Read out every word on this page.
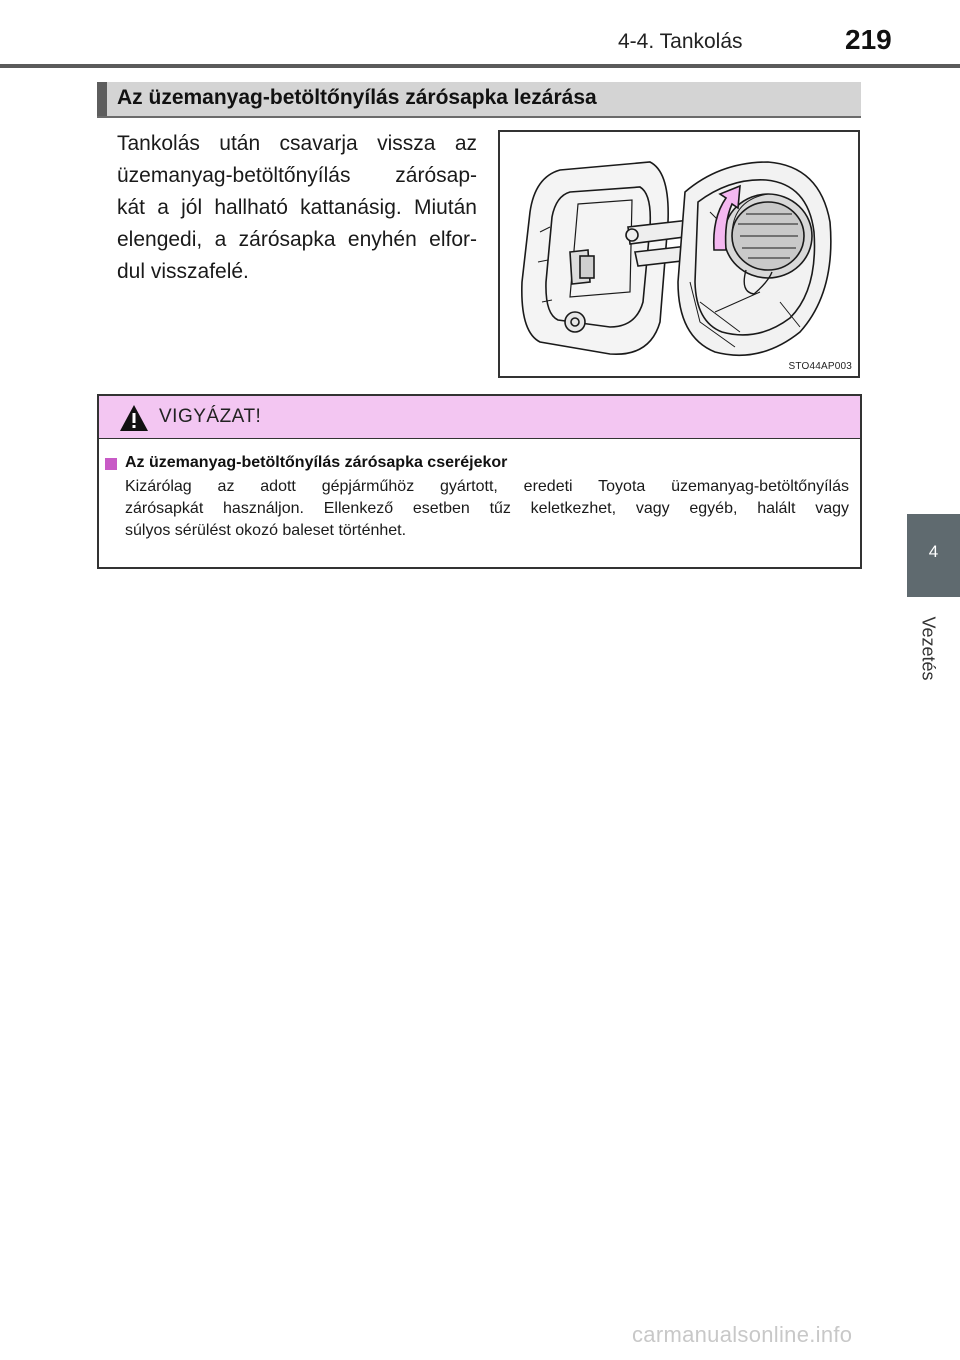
4-4. Tankolás	219
Az üzemanyag-betöltőnyílás zárósapka lezárása
Tankolás után csavarja vissza az
üzemanyag-betöltőnyílás zárósap-
kát a jól hallható kattanásig. Miután
elengedi, a zárósapka enyhén elfor-
dul visszafelé.
STO44AP003
VIGYÁZAT!
Az üzemanyag-betöltőnyílás zárósapka cseréjekor
Kizárólag az adott gépjárműhöz gyártott, eredeti Toyota üzemanyag-betöltőnyílás
zárósapkát használjon. Ellenkező esetben tűz keletkezhet, vagy egyéb, halált vagy
súlyos sérülést okozó baleset történhet.
4
Vezetés
carmanualsonline.info
